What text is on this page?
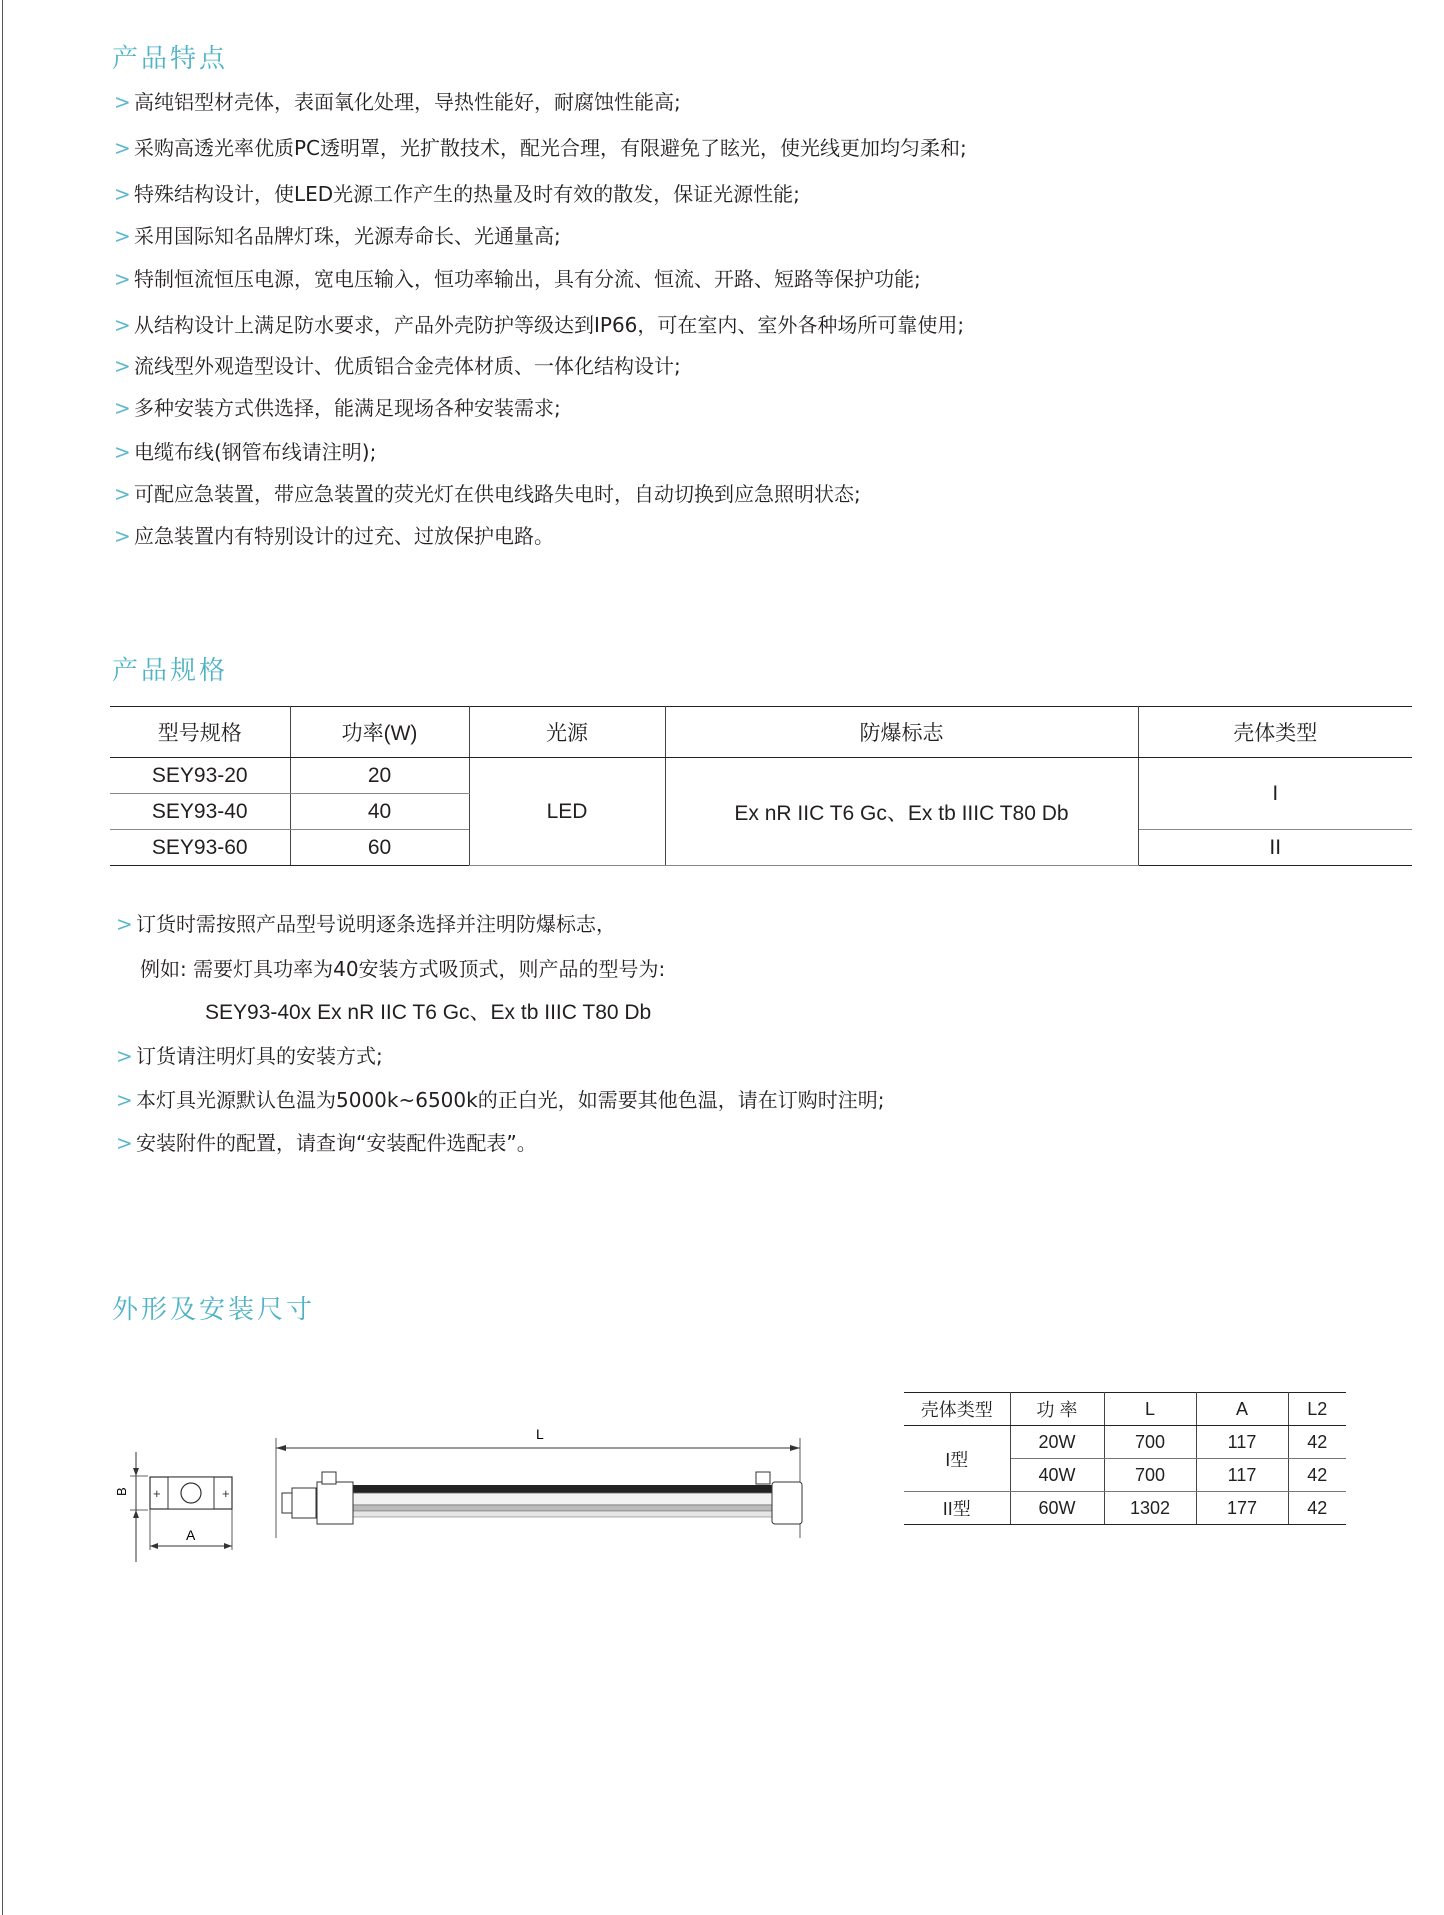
产品特点
> 高纯铝型材壳体，表面氧化处理，导热性能好，耐腐蚀性能高;
> 采购高透光率优质PC透明罩，光扩散技术，配光合理，有限避免了眩光，使光线更加均匀柔和;
> 特殊结构设计，使LED光源工作产生的热量及时有效的散发，保证光源性能;
> 采用国际知名品牌灯珠，光源寿命长、光通量高;
> 特制恒流恒压电源，宽电压输入，恒功率输出，具有分流、恒流、开路、短路等保护功能;
> 从结构设计上满足防水要求，产品外壳防护等级达到IP66，可在室内、室外各种场所可靠使用;
> 流线型外观造型设计、优质铝合金壳体材质、一体化结构设计;
> 多种安装方式供选择，能满足现场各种安装需求;
> 电缆布线(钢管布线请注明);
> 可配应急装置，带应急装置的荧光灯在供电线路失电时，自动切换到应急照明状态;
> 应急装置内有特别设计的过充、过放保护电路。
产品规格
型号规格	功率(W)	光源	防爆标志	壳体类型
SEY93-20	20	LED	Ex nR IIC T6 Gc、Ex tb IIIC T80 Db	I
SEY93-40	40			
SEY93-60	60			II
> 订货时需按照产品型号说明逐条选择并注明防爆标志，
例如: 需要灯具功率为40安装方式吸顶式，则产品的型号为:
SEY93-40x Ex nR IIC T6 Gc、Ex tb IIIC T80 Db
> 订货请注明灯具的安装方式;
> 本灯具光源默认色温为5000k~6500k的正白光，如需要其他色温，请在订购时注明;
> 安装附件的配置，请查询“安装配件选配表”。
外形及安装尺寸
B +	+
A
L
壳体类型	功 率	L	A	L2
I型	20W	700	117	42
	40W	700	117	42
II型	60W	1302	177	42
